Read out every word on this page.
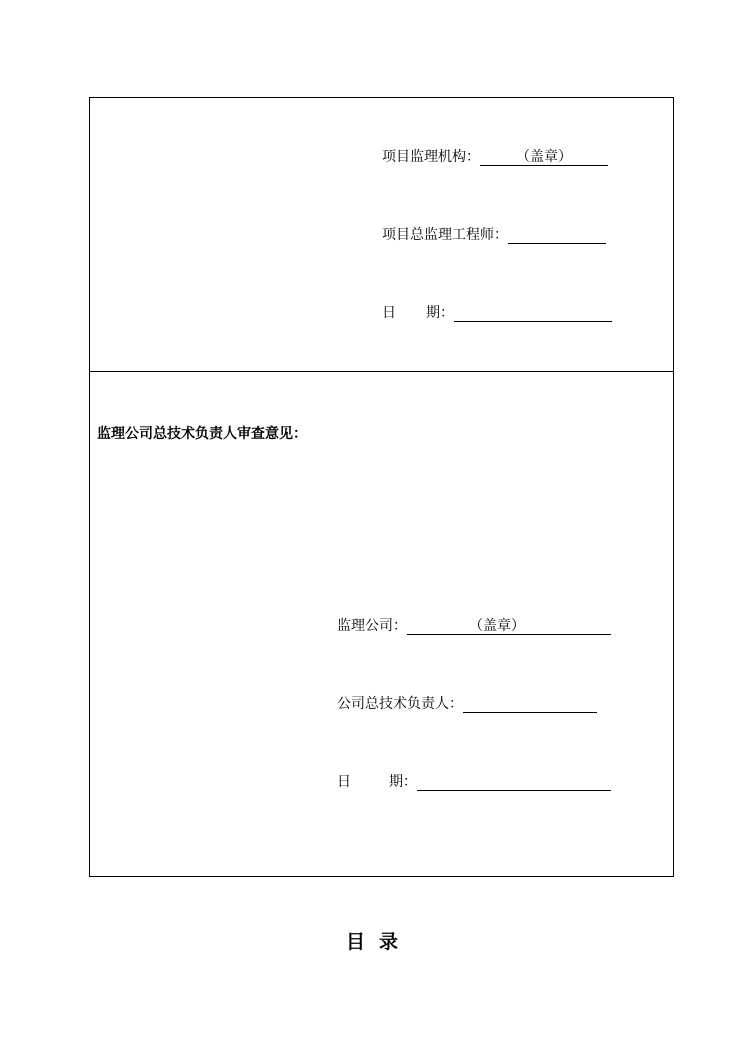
项目监理机构：	（盖章）
项目总监理工程师：
日	期：
监理公司总技术负责人审查意见：
监理公司：	（盖章）
公司总技术负责人：
日	期：
目录
